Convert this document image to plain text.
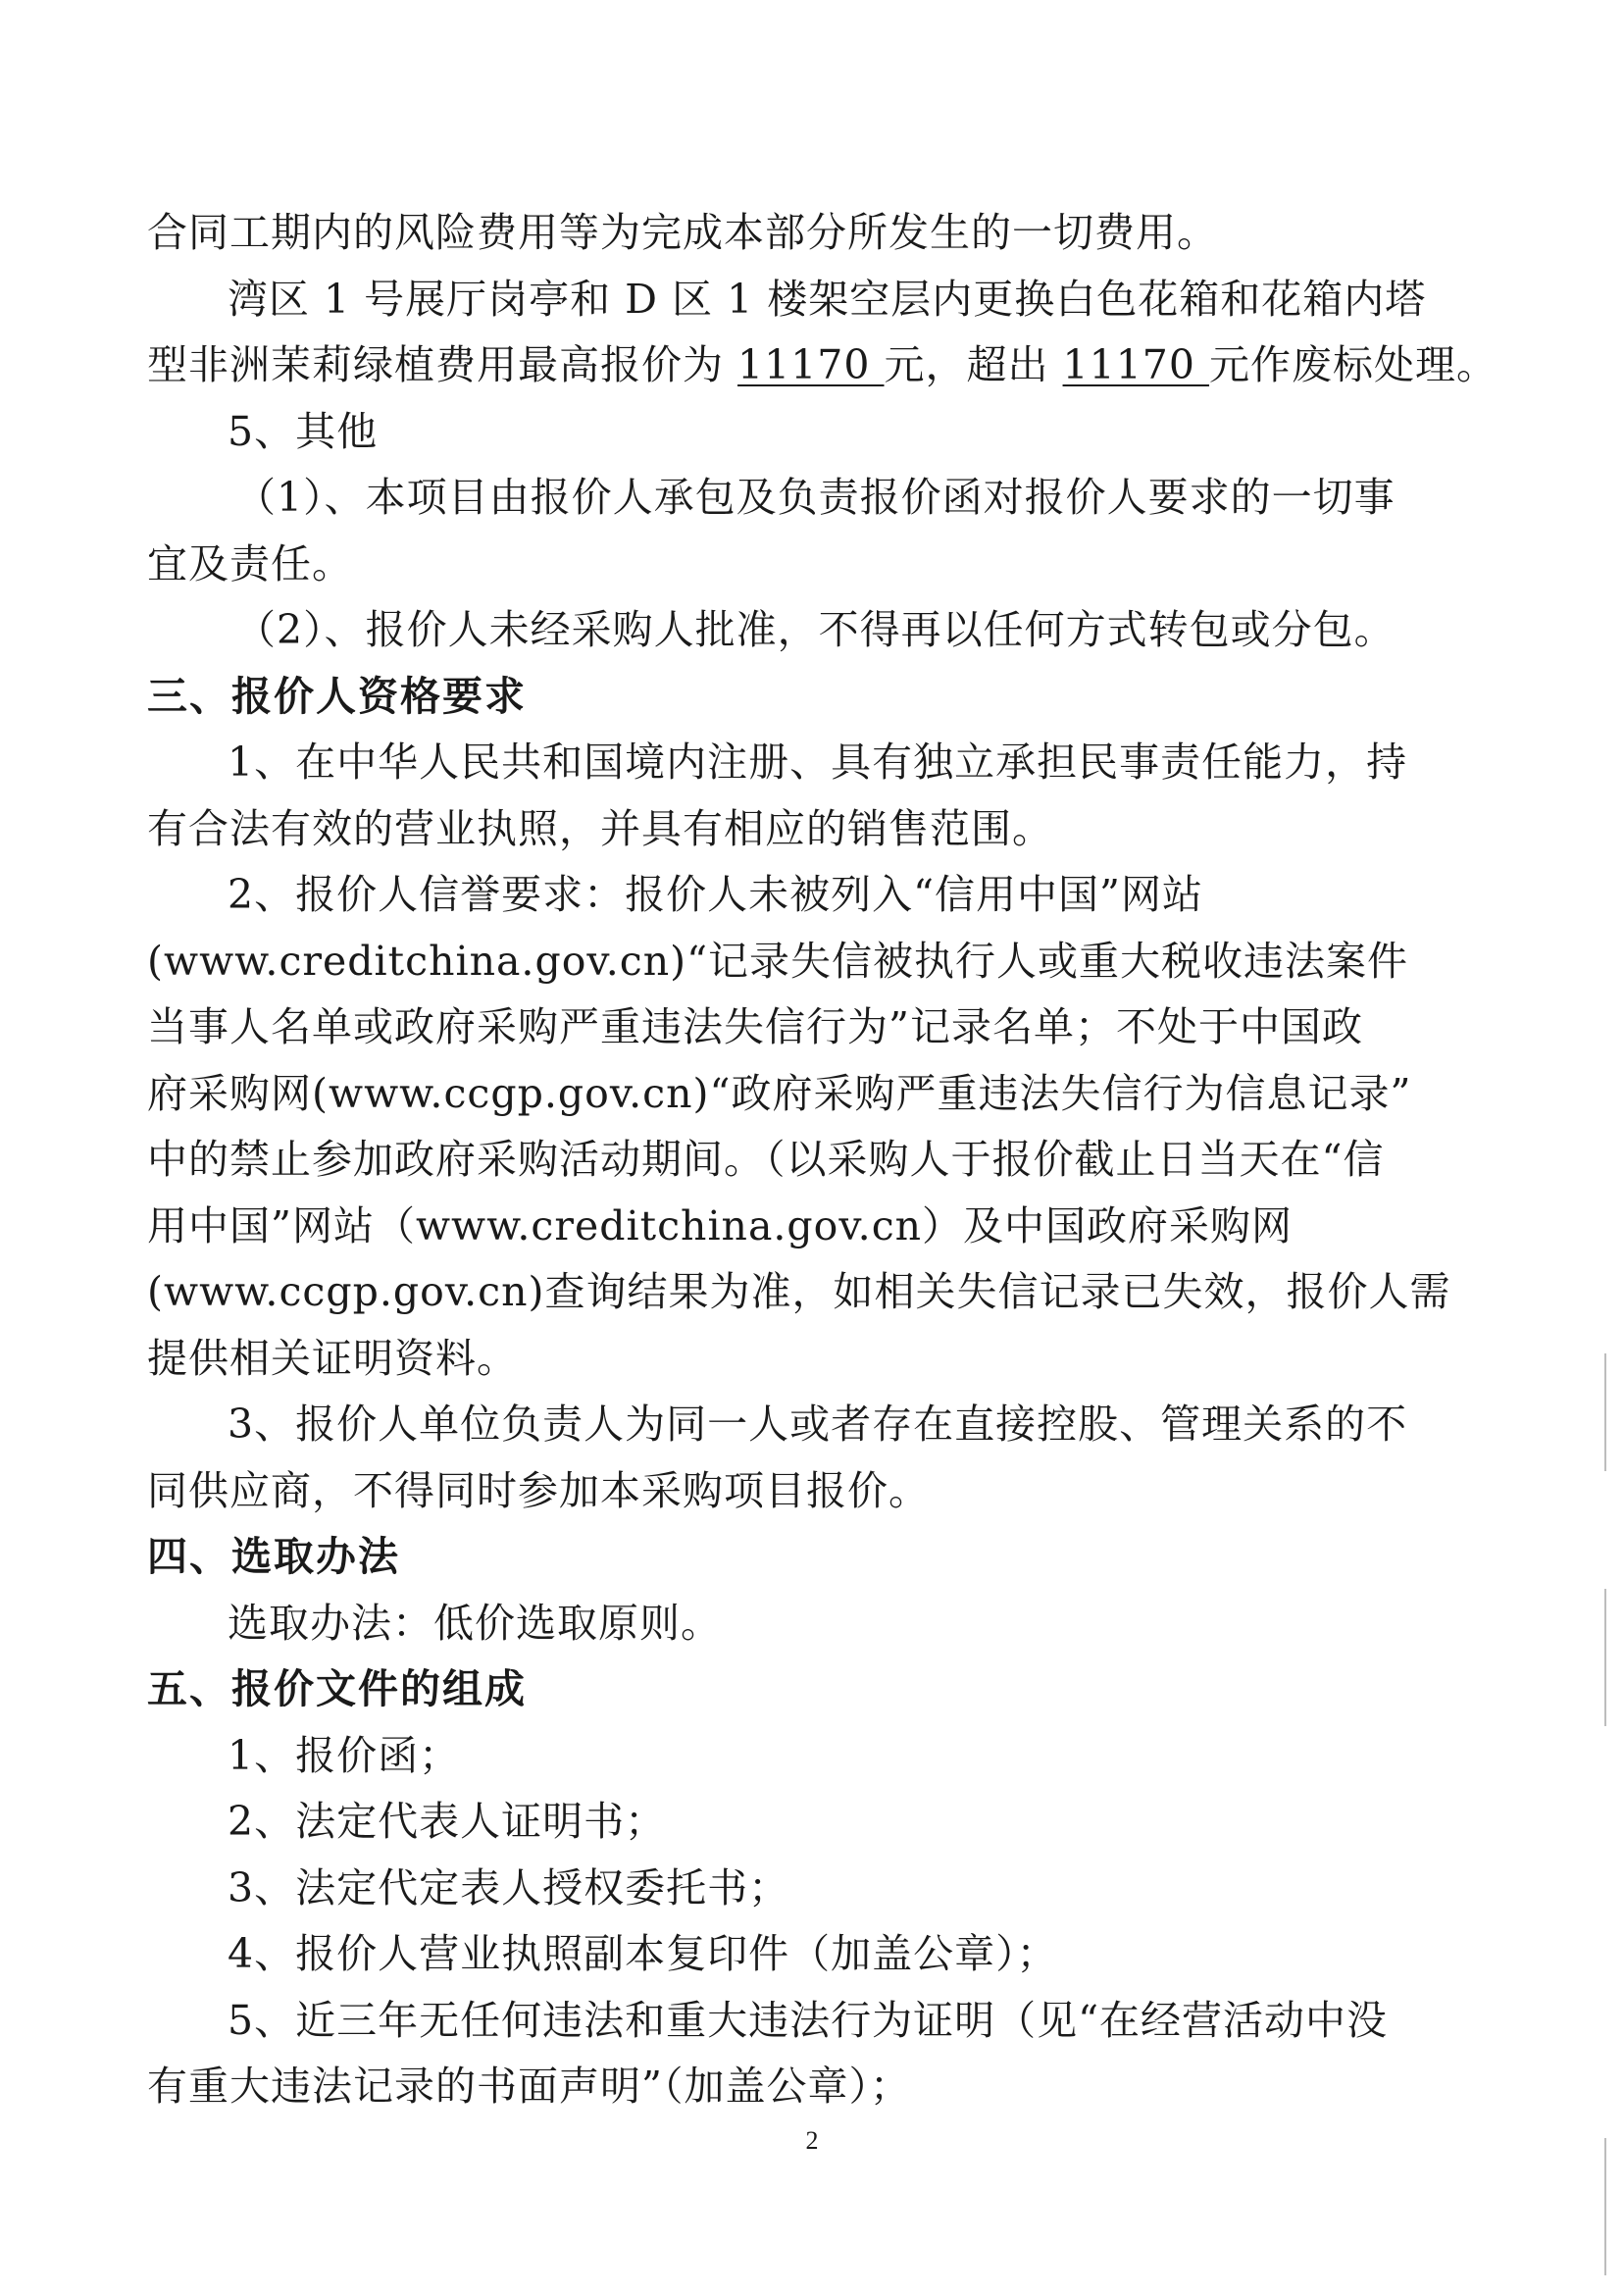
合同工期内的风险费用等为完成本部分所发生的一切费用。
湾区 1 号展厅岗亭和 D 区 1 楼架空层内更换白色花箱和花箱内塔
型非洲茉莉绿植费用最高报价为 11170 元，超出 11170 元作废标处理。
5、其他
（1）、本项目由报价人承包及负责报价函对报价人要求的一切事
宜及责任。
（2）、报价人未经采购人批准，不得再以任何方式转包或分包。
三、报价人资格要求
1、在中华人民共和国境内注册、具有独立承担民事责任能力，持
有合法有效的营业执照，并具有相应的销售范围。
2、报价人信誉要求：报价人未被列入“信用中国”网站
(www.creditchina.gov.cn)“记录失信被执行人或重大税收违法案件
当事人名单或政府采购严重违法失信行为”记录名单；不处于中国政
府采购网(www.ccgp.gov.cn)“政府采购严重违法失信行为信息记录”
中的禁止参加政府采购活动期间。（以采购人于报价截止日当天在“信
用中国”网站（www.creditchina.gov.cn）及中国政府采购网
(www.ccgp.gov.cn)查询结果为准，如相关失信记录已失效，报价人需
提供相关证明资料。
3、报价人单位负责人为同一人或者存在直接控股、管理关系的不
同供应商，不得同时参加本采购项目报价。
四、选取办法
选取办法：低价选取原则。
五、报价文件的组成
1、报价函；
2、法定代表人证明书；
3、法定代定表人授权委托书；
4、报价人营业执照副本复印件（加盖公章）；
5、近三年无任何违法和重大违法行为证明（见“在经营活动中没
有重大违法记录的书面声明”（加盖公章）；
2
